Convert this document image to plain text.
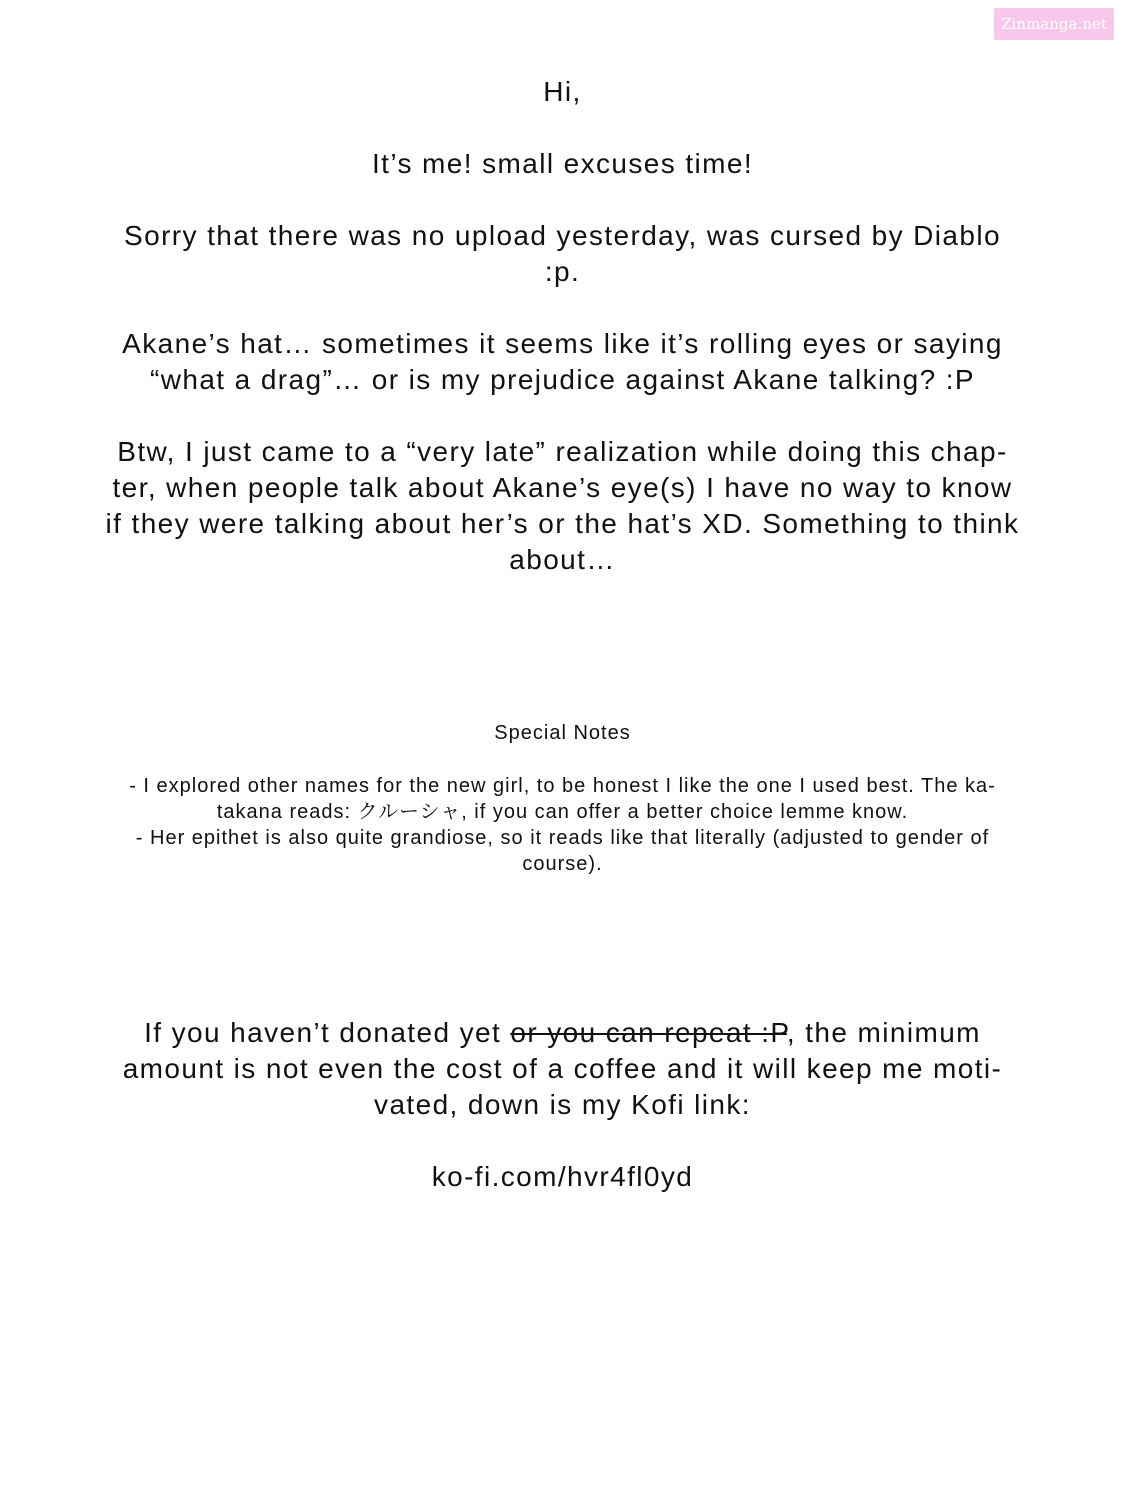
Zinmanga.net

Hi,

It’s me! small excuses time!

Sorry that there was no upload yesterday, was cursed by Diablo
:p.

Akane’s hat… sometimes it seems like it’s rolling eyes or saying
“what a drag”… or is my prejudice against Akane talking? :P

Btw, I just came to a “very late” realization while doing this chap-
ter, when people talk about Akane’s eye(s) I have no way to know
if they were talking about her’s or the hat’s XD. Something to think
about…

Special Notes

- I explored other names for the new girl, to be honest I like the one I used best. The ka-
takana reads: クルーシャ, if you can offer a better choice lemme know.

- Her epithet is also quite grandiose, so it reads like that literally (adjusted to gender of
course).

If you haven’t donated yet or you can repeat :P, the minimum
amount is not even the cost of a coffee and it will keep me moti-
vated, down is my Kofi link:

ko-fi.com/hvr4fl0yd
